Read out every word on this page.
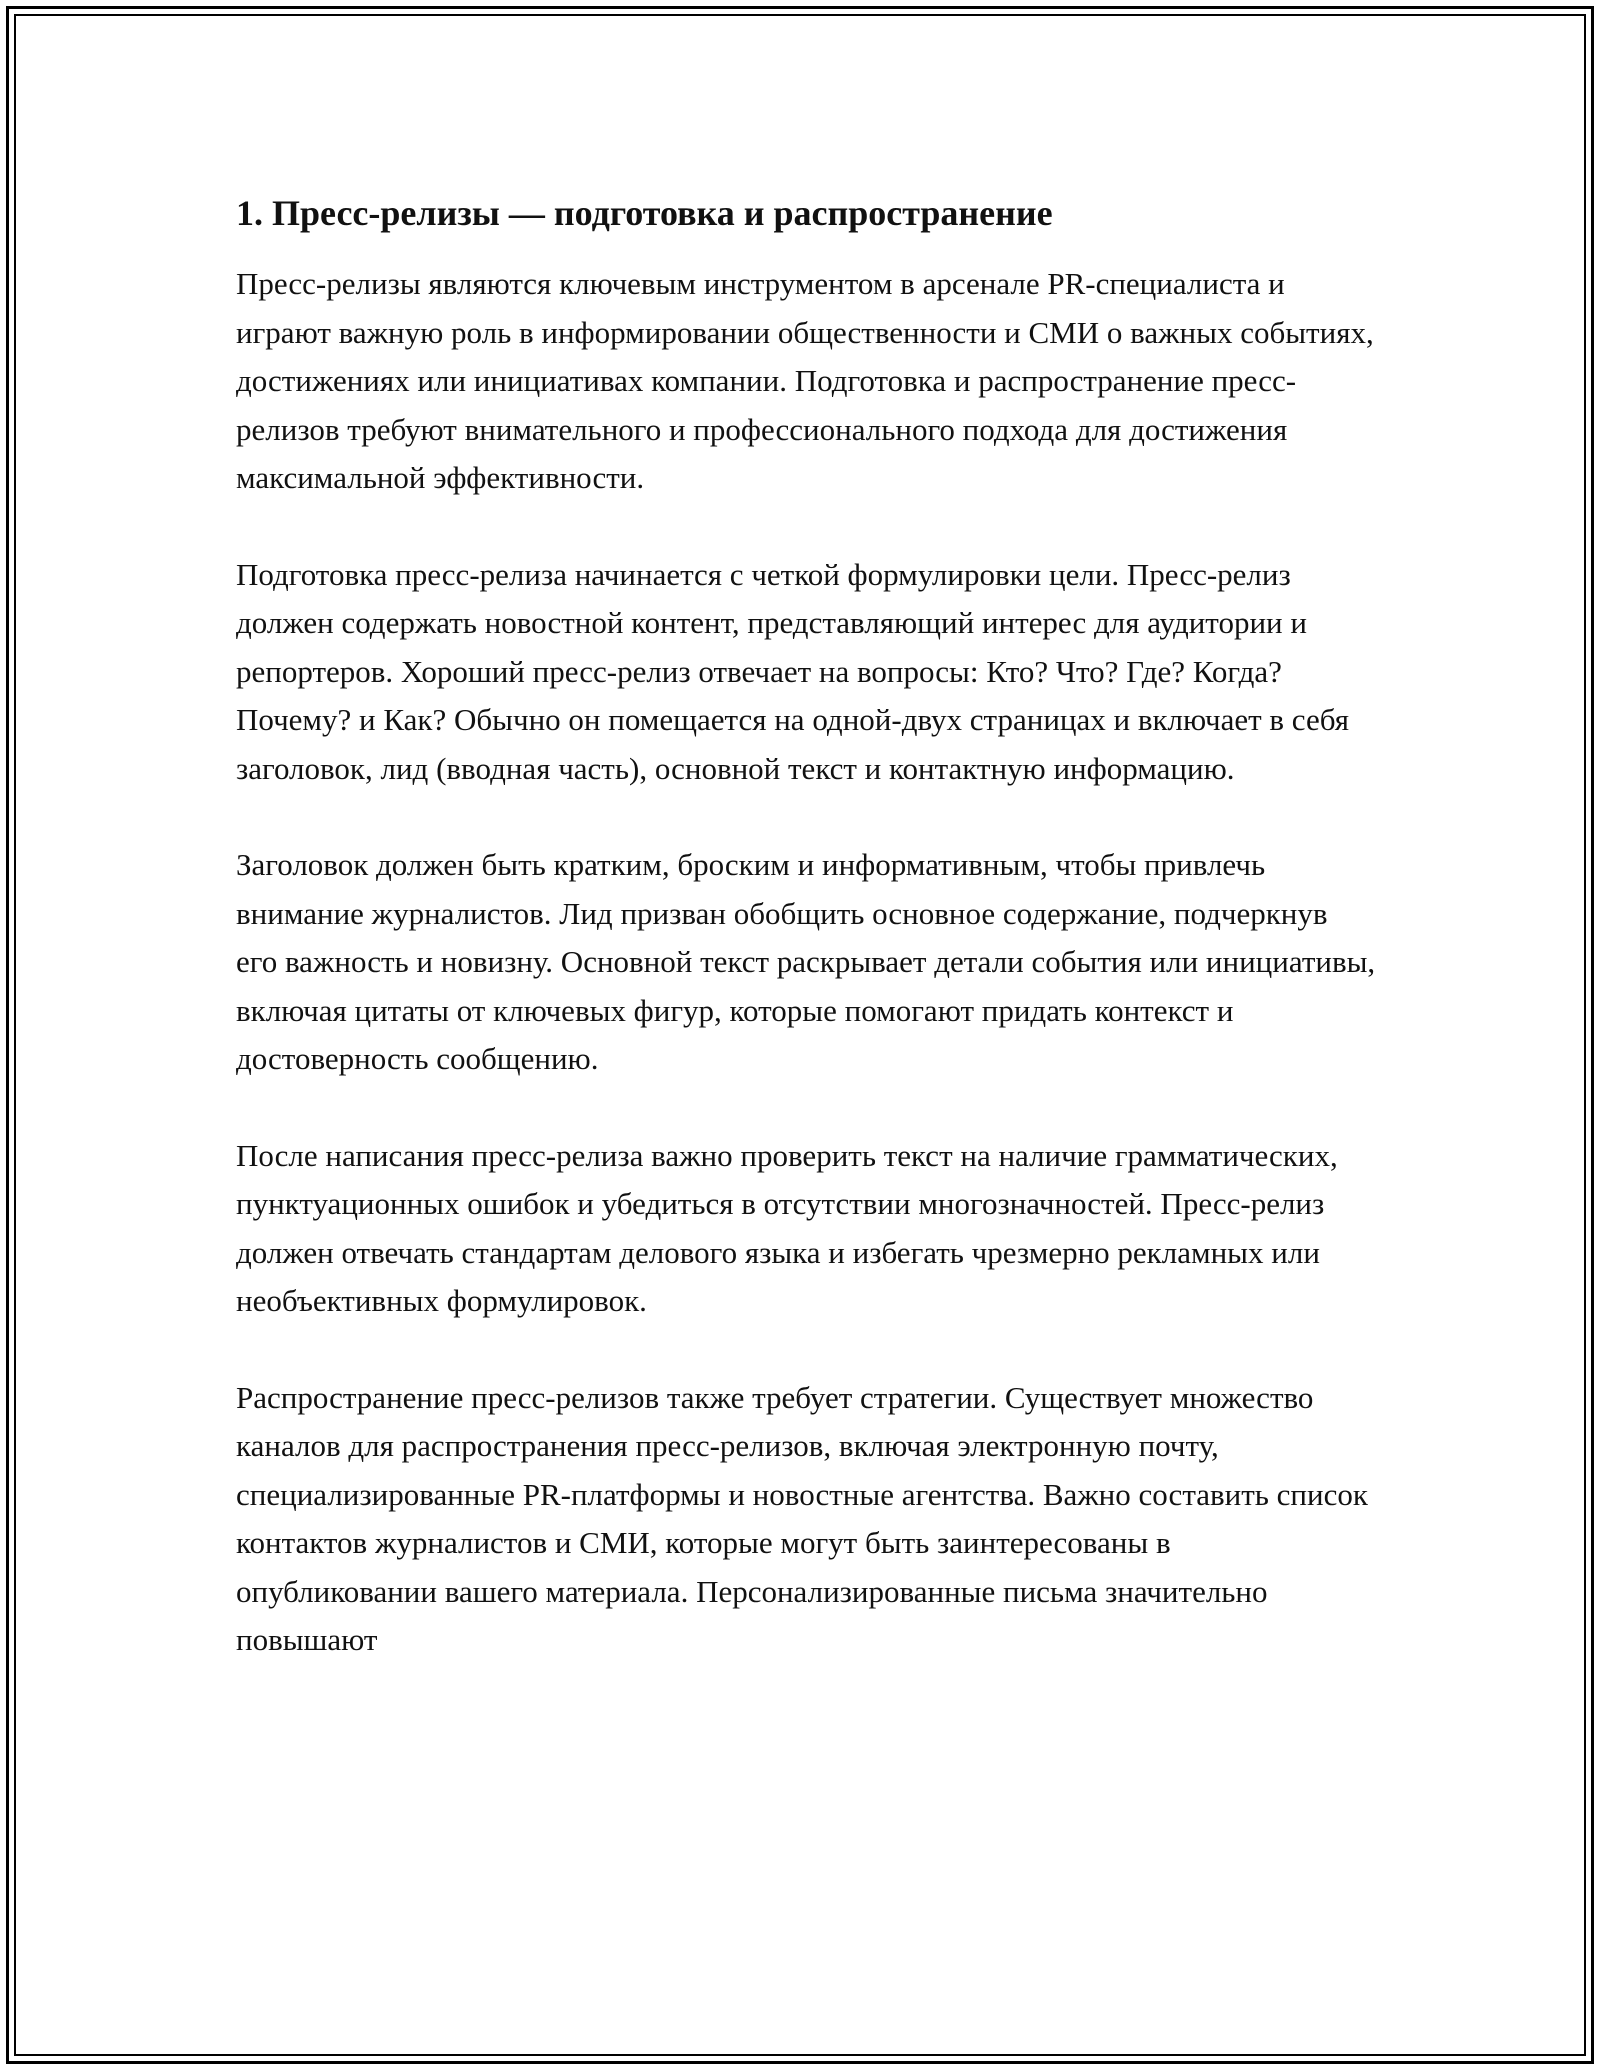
1. Пресс-релизы — подготовка и распространение

Пресс-релизы являются ключевым инструментом в арсенале PR-специалиста и играют важную роль в информировании общественности и СМИ о важных событиях, достижениях или инициативах компании. Подготовка и распространение пресс-релизов требуют внимательного и профессионального подхода для достижения максимальной эффективности.

Подготовка пресс-релиза начинается с четкой формулировки цели. Пресс-релиз должен содержать новостной контент, представляющий интерес для аудитории и репортеров. Хороший пресс-релиз отвечает на вопросы: Кто? Что? Где? Когда? Почему? и Как? Обычно он помещается на одной-двух страницах и включает в себя заголовок, лид (вводная часть), основной текст и контактную информацию.

Заголовок должен быть кратким, броским и информативным, чтобы привлечь внимание журналистов. Лид призван обобщить основное содержание, подчеркнув его важность и новизну. Основной текст раскрывает детали события или инициативы, включая цитаты от ключевых фигур, которые помогают придать контекст и достоверность сообщению.

После написания пресс-релиза важно проверить текст на наличие грамматических, пунктуационных ошибок и убедиться в отсутствии многозначностей. Пресс-релиз должен отвечать стандартам делового языка и избегать чрезмерно рекламных или необъективных формулировок.

Распространение пресс-релизов также требует стратегии. Существует множество каналов для распространения пресс-релизов, включая электронную почту, специализированные PR-платформы и новостные агентства. Важно составить список контактов журналистов и СМИ, которые могут быть заинтересованы в опубликовании вашего материала. Персонализированные письма значительно повышают
